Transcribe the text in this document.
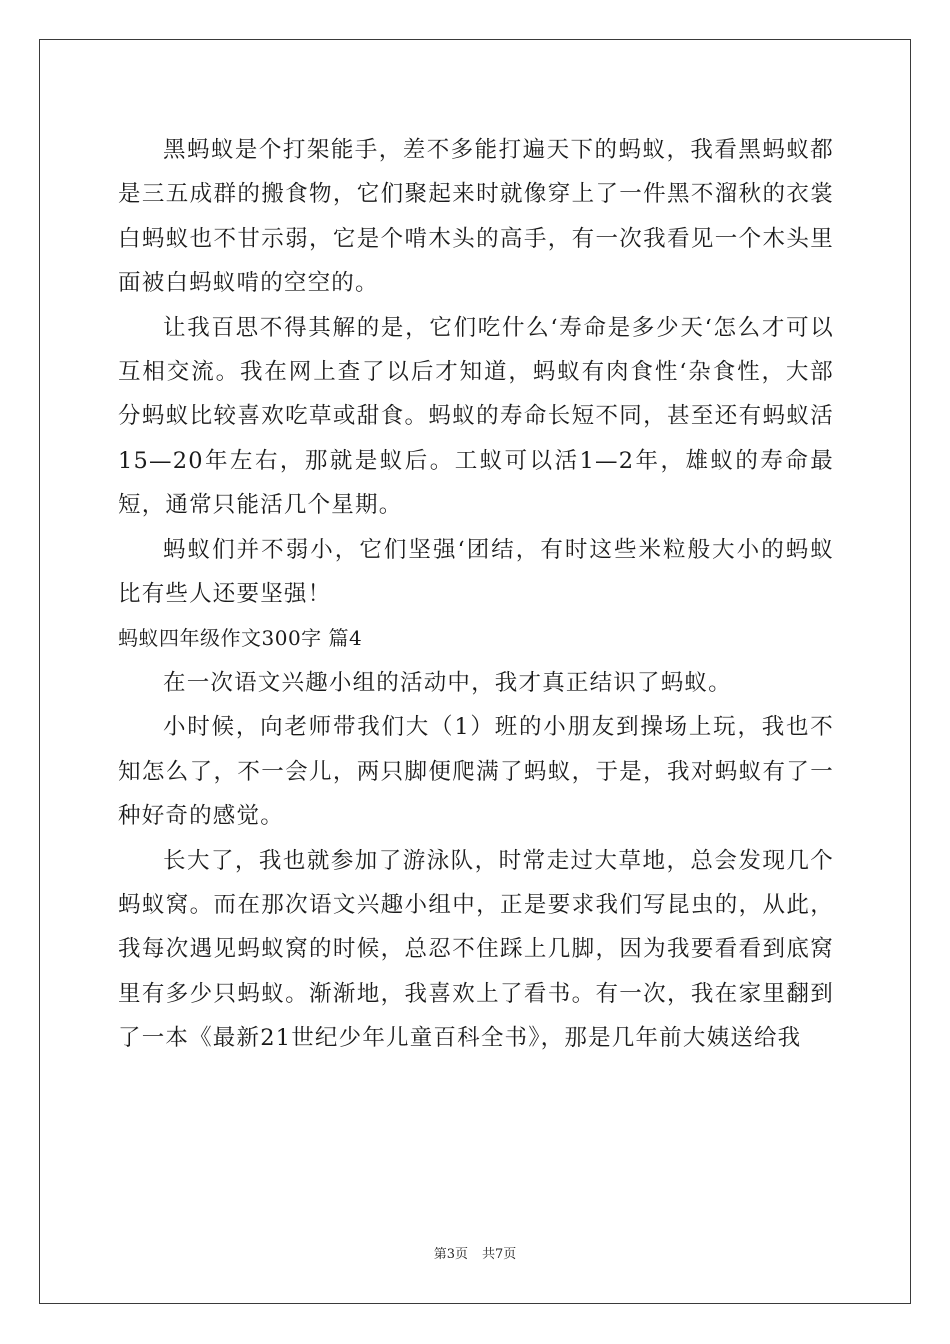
黑蚂蚁是个打架能手，差不多能打遍天下的蚂蚁，我看黑蚂蚁都是三五成群的搬食物，它们聚起来时就像穿上了一件黑不溜秋的衣裳白蚂蚁也不甘示弱，它是个啃木头的高手，有一次我看见一个木头里面被白蚂蚁啃的空空的。

让我百思不得其解的是，它们吃什么‘寿命是多少天‘怎么才可以互相交流。我在网上查了以后才知道，蚂蚁有肉食性‘杂食性，大部分蚂蚁比较喜欢吃草或甜食。蚂蚁的寿命长短不同，甚至还有蚂蚁活15—20年左右，那就是蚁后。工蚁可以活1—2年，雄蚁的寿命最短，通常只能活几个星期。

蚂蚁们并不弱小，它们坚强‘团结，有时这些米粒般大小的蚂蚁比有些人还要坚强！

蚂蚁四年级作文300字 篇4

在一次语文兴趣小组的活动中，我才真正结识了蚂蚁。

小时候，向老师带我们大（1）班的小朋友到操场上玩，我也不知怎么了，不一会儿，两只脚便爬满了蚂蚁，于是，我对蚂蚁有了一种好奇的感觉。

长大了，我也就参加了游泳队，时常走过大草地，总会发现几个蚂蚁窝。而在那次语文兴趣小组中，正是要求我们写昆虫的，从此，我每次遇见蚂蚁窝的时候，总忍不住踩上几脚，因为我要看看到底窝里有多少只蚂蚁。渐渐地，我喜欢上了看书。有一次，我在家里翻到了一本《最新21世纪少年儿童百科全书》，那是几年前大姨送给我

第3页 共7页
